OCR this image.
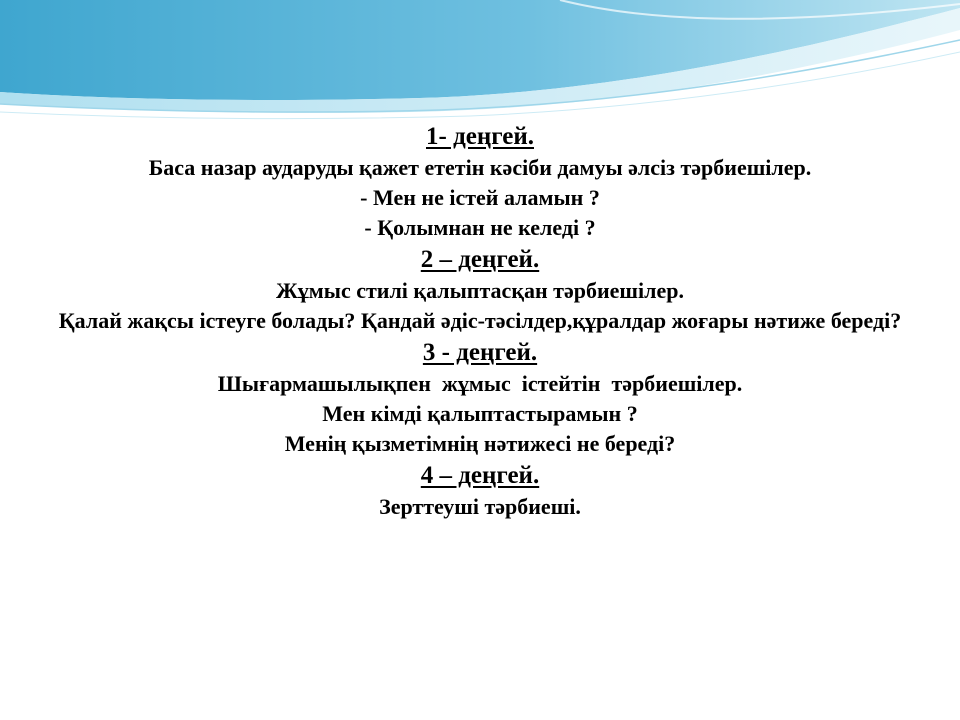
1- деңгей.
Баса назар аударуды қажет ететін кәсіби дамуы әлсіз тәрбиешілер.
- Мен не істей аламын ?
- Қолымнан не келеді ?
2 – деңгей.
Жұмыс стилі қалыптасқан тәрбиешілер.
Қалай жақсы істеуге болады? Қандай әдіс-тәсілдер,құралдар жоғары нәтиже береді?
3 - деңгей.
Шығармашылықпен  жұмыс  істейтін  тәрбиешілер.
Мен кімді қалыптастырамын ?
Менің қызметімнің нәтижесі не береді?
4 – деңгей.
Зерттеуші тәрбиеші.
